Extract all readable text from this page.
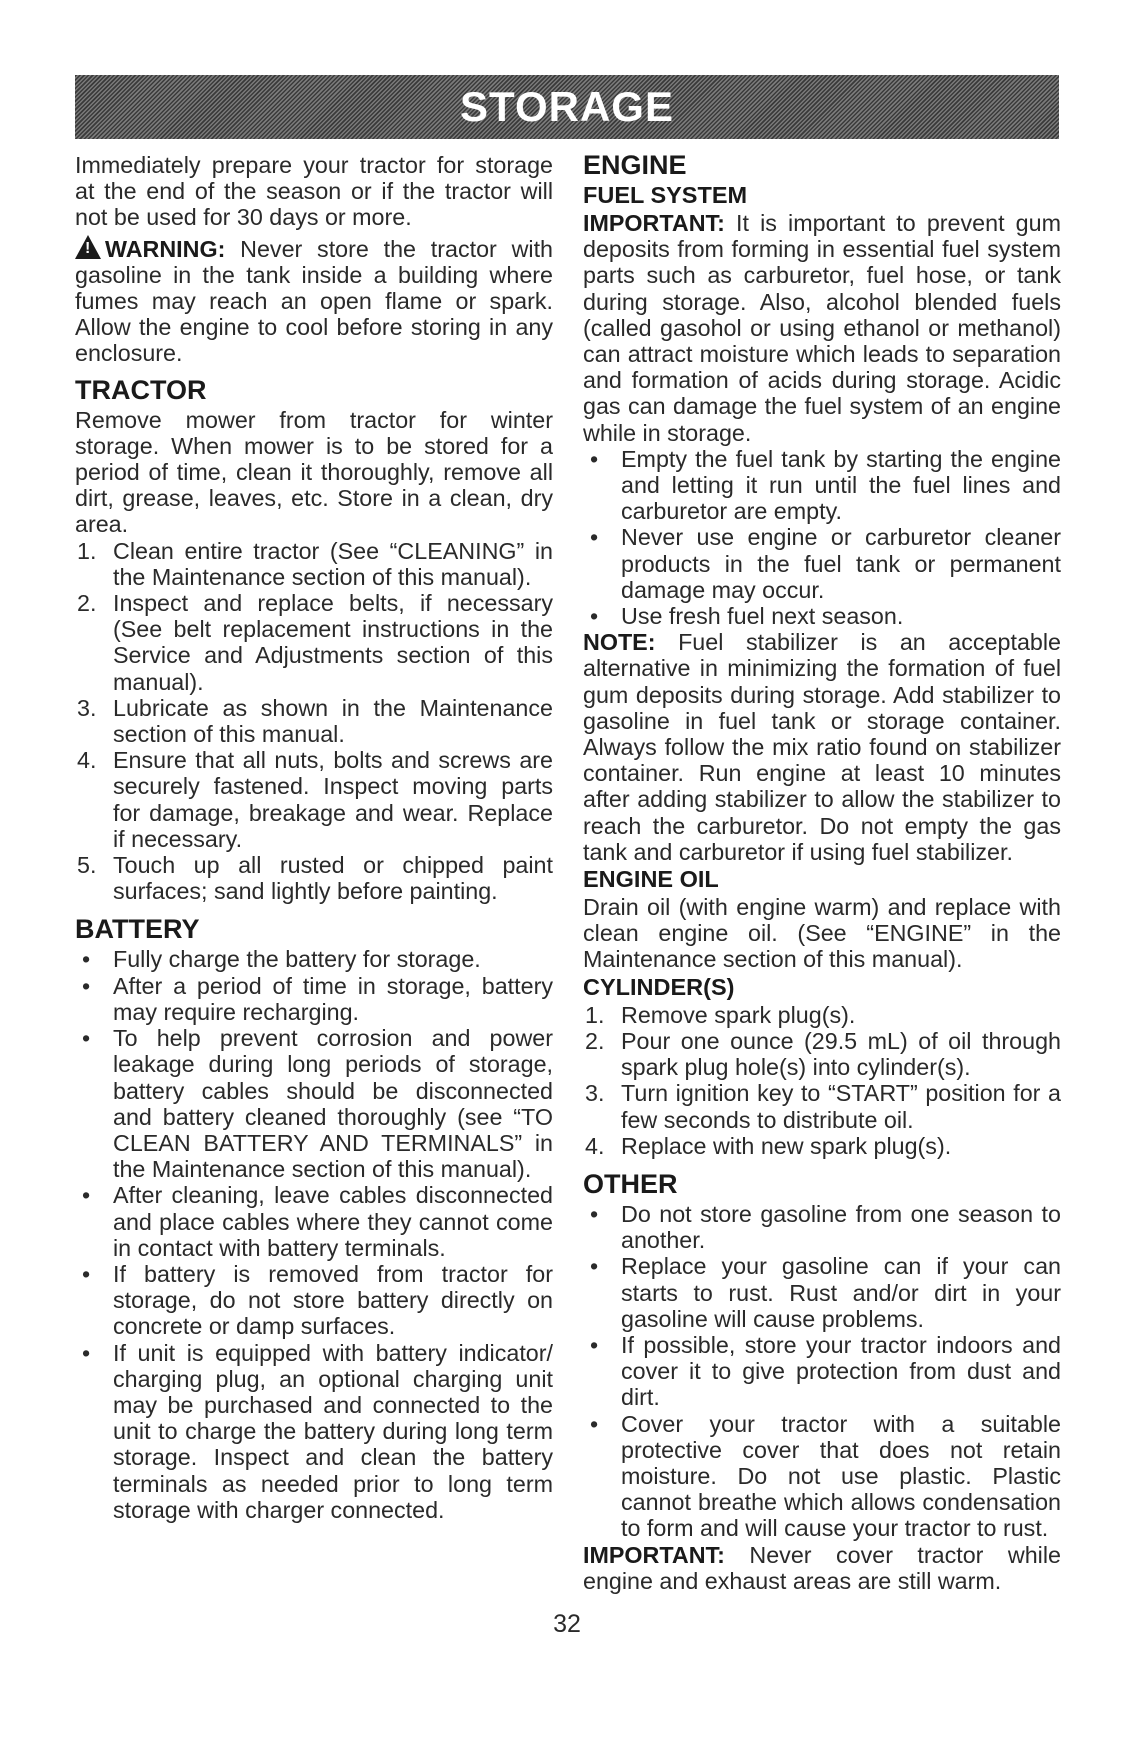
STORAGE

Immediately prepare your tractor for storage at the end of the season or if the tractor will not be used for 30 days or more.

!WARNING: Never store the tractor with gasoline in the tank inside a building where fumes may reach an open flame or spark. Allow the engine to cool before storing in any enclosure.

TRACTOR

Remove mower from tractor for winter storage. When mower is to be stored for a period of time, clean it thoroughly, remove all dirt, grease, leaves, etc. Store in a clean, dry area.

1. Clean entire tractor (See “CLEANING” in the Maintenance section of this manual).
2. Inspect and replace belts, if necessary (See belt replacement instructions in the Service and Adjustments section of this manual).
3. Lubricate as shown in the Maintenance section of this manual.
4. Ensure that all nuts, bolts and screws are securely fastened. Inspect moving parts for damage, breakage and wear. Replace if necessary.
5. Touch up all rusted or chipped paint surfaces; sand lightly before painting.
BATTERY
• Fully charge the battery for storage.
• After a period of time in storage, battery may require recharging.
• To help prevent corrosion and power leakage during long periods of storage, battery cables should be disconnected and battery cleaned thoroughly (see “TO CLEAN BATTERY AND TERMINALS” in the Maintenance section of this manual).
• After cleaning, leave cables disconnected and place cables where they cannot come in contact with battery terminals.
• If battery is removed from tractor for storage, do not store battery directly on concrete or damp surfaces.
• If unit is equipped with battery indicator/ charging plug, an optional charging unit may be purchased and connected to the unit to charge the battery during long term storage. Inspect and clean the battery terminals as needed prior to long term storage with charger connected.
ENGINE
FUEL SYSTEM

IMPORTANT: It is important to prevent gum deposits from forming in essential fuel system parts such as carburetor, fuel hose, or tank during storage. Also, alcohol blended fuels (called gasohol or using ethanol or methanol) can attract moisture which leads to separation and formation of acids during storage. Acidic gas can damage the fuel system of an engine while in storage.

• Empty the fuel tank by starting the engine and letting it run until the fuel lines and carburetor are empty.
• Never use engine or carburetor cleaner products in the fuel tank or permanent damage may occur.
• Use fresh fuel next season.

NOTE: Fuel stabilizer is an acceptable alternative in minimizing the formation of fuel gum deposits during storage. Add stabilizer to gasoline in fuel tank or storage container. Always follow the mix ratio found on stabilizer container. Run engine at least 10 minutes after adding stabilizer to allow the stabilizer to reach the carburetor. Do not empty the gas tank and carburetor if using fuel stabilizer.

ENGINE OIL

Drain oil (with engine warm) and replace with clean engine oil. (See “ENGINE” in the Maintenance section of this manual).

CYLINDER(S)
1. Remove spark plug(s).
2. Pour one ounce (29.5 mL) of oil through spark plug hole(s) into cylinder(s).
3. Turn ignition key to “START” position for a few seconds to distribute oil.
4. Replace with new spark plug(s).
OTHER
• Do not store gasoline from one season to another.
• Replace your gasoline can if your can starts to rust. Rust and/or dirt in your gasoline will cause problems.
• If possible, store your tractor indoors and cover it to give protection from dust and dirt.
• Cover your tractor with a suitable protective cover that does not retain moisture. Do not use plastic. Plastic cannot breathe which allows condensation to form and will cause your tractor to rust.

IMPORTANT: Never cover tractor while engine and exhaust areas are still warm.

32
